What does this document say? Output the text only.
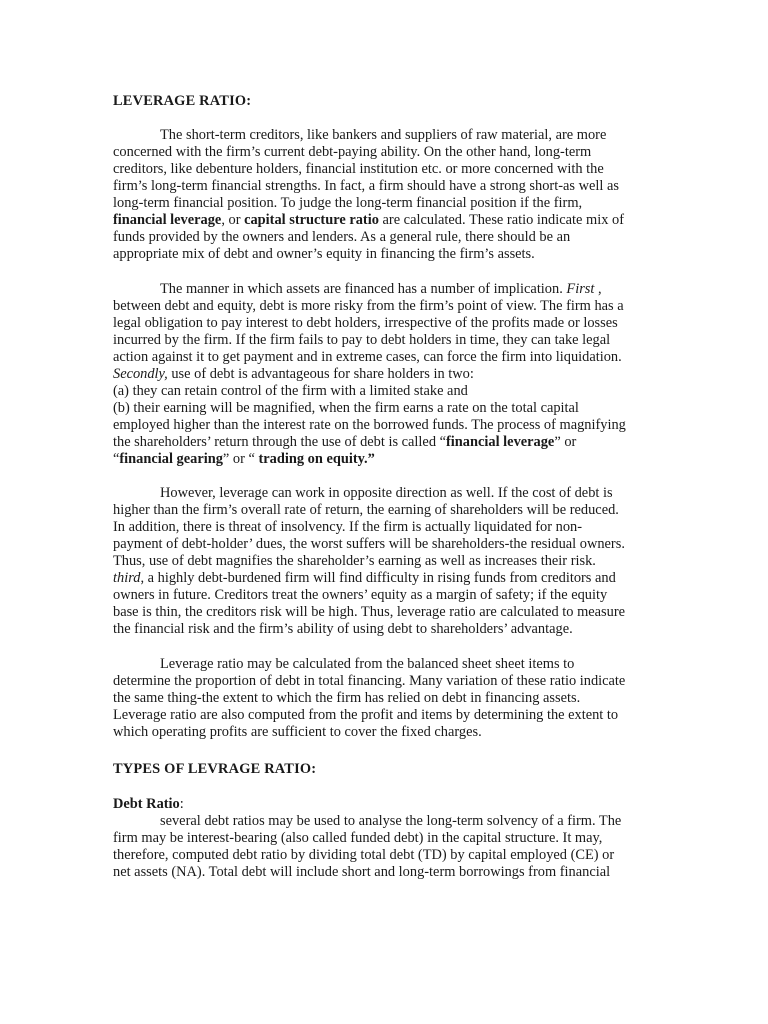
LEVERAGE RATIO:
The short-term creditors, like bankers and suppliers of raw material, are more
concerned with the firm’s current debt-paying ability. On the other hand, long-term
creditors, like debenture holders, financial institution etc. or more concerned with the
firm’s long-term financial strengths. In fact, a firm should have a strong short-as well as
long-term financial position. To judge the long-term financial position if the firm,
financial leverage, or capital structure ratio are calculated. These ratio indicate mix of
funds provided by the owners and lenders. As a general rule, there should be an
appropriate mix of debt and owner’s equity in financing the firm’s assets.
The manner in which assets are financed has a number of implication. First ,
between debt and equity, debt is more risky from the firm’s point of view. The firm has a
legal obligation to pay interest to debt holders, irrespective of the profits made or losses
incurred by the firm. If the firm fails to pay to debt holders in time, they can take legal
action against it to get payment and in extreme cases, can force the firm into liquidation.
Secondly, use of debt is advantageous for share holders in two:
(a) they can retain control of the firm with a limited stake and
(b) their earning will be magnified, when the firm earns a rate on the total capital
employed higher than the interest rate on the borrowed funds. The process of magnifying
the shareholders’ return through the use of debt is called “financial leverage” or
“financial gearing” or “ trading on equity.”
However, leverage can work in opposite direction as well. If the cost of debt is
higher than the firm’s overall rate of return, the earning of shareholders will be reduced.
In addition, there is threat of insolvency. If the firm is actually liquidated for non-
payment of debt-holder’ dues, the worst suffers will be shareholders-the residual owners.
Thus, use of debt magnifies the shareholder’s earning as well as increases their risk.
third, a highly debt-burdened firm will find difficulty in rising funds from creditors and
owners in future. Creditors treat the owners’ equity as a margin of safety; if the equity
base is thin, the creditors risk will be high. Thus, leverage ratio are calculated to measure
the financial risk and the firm’s ability of using debt to shareholders’ advantage.
Leverage ratio may be calculated from the balanced sheet sheet items to
determine the proportion of debt in total financing. Many variation of these ratio indicate
the same thing-the extent to which the firm has relied on debt in financing assets.
Leverage ratio are also computed from the profit and items by determining the extent to
which operating profits are sufficient to cover the fixed charges.
TYPES OF LEVRAGE RATIO:
Debt Ratio:
several debt ratios may be used to analyse the long-term solvency of a firm. The
firm may be interest-bearing (also called funded debt) in the capital structure. It may,
therefore, computed debt ratio by dividing total debt (TD) by capital employed (CE) or
net assets (NA). Total debt will include short and long-term borrowings from financial
